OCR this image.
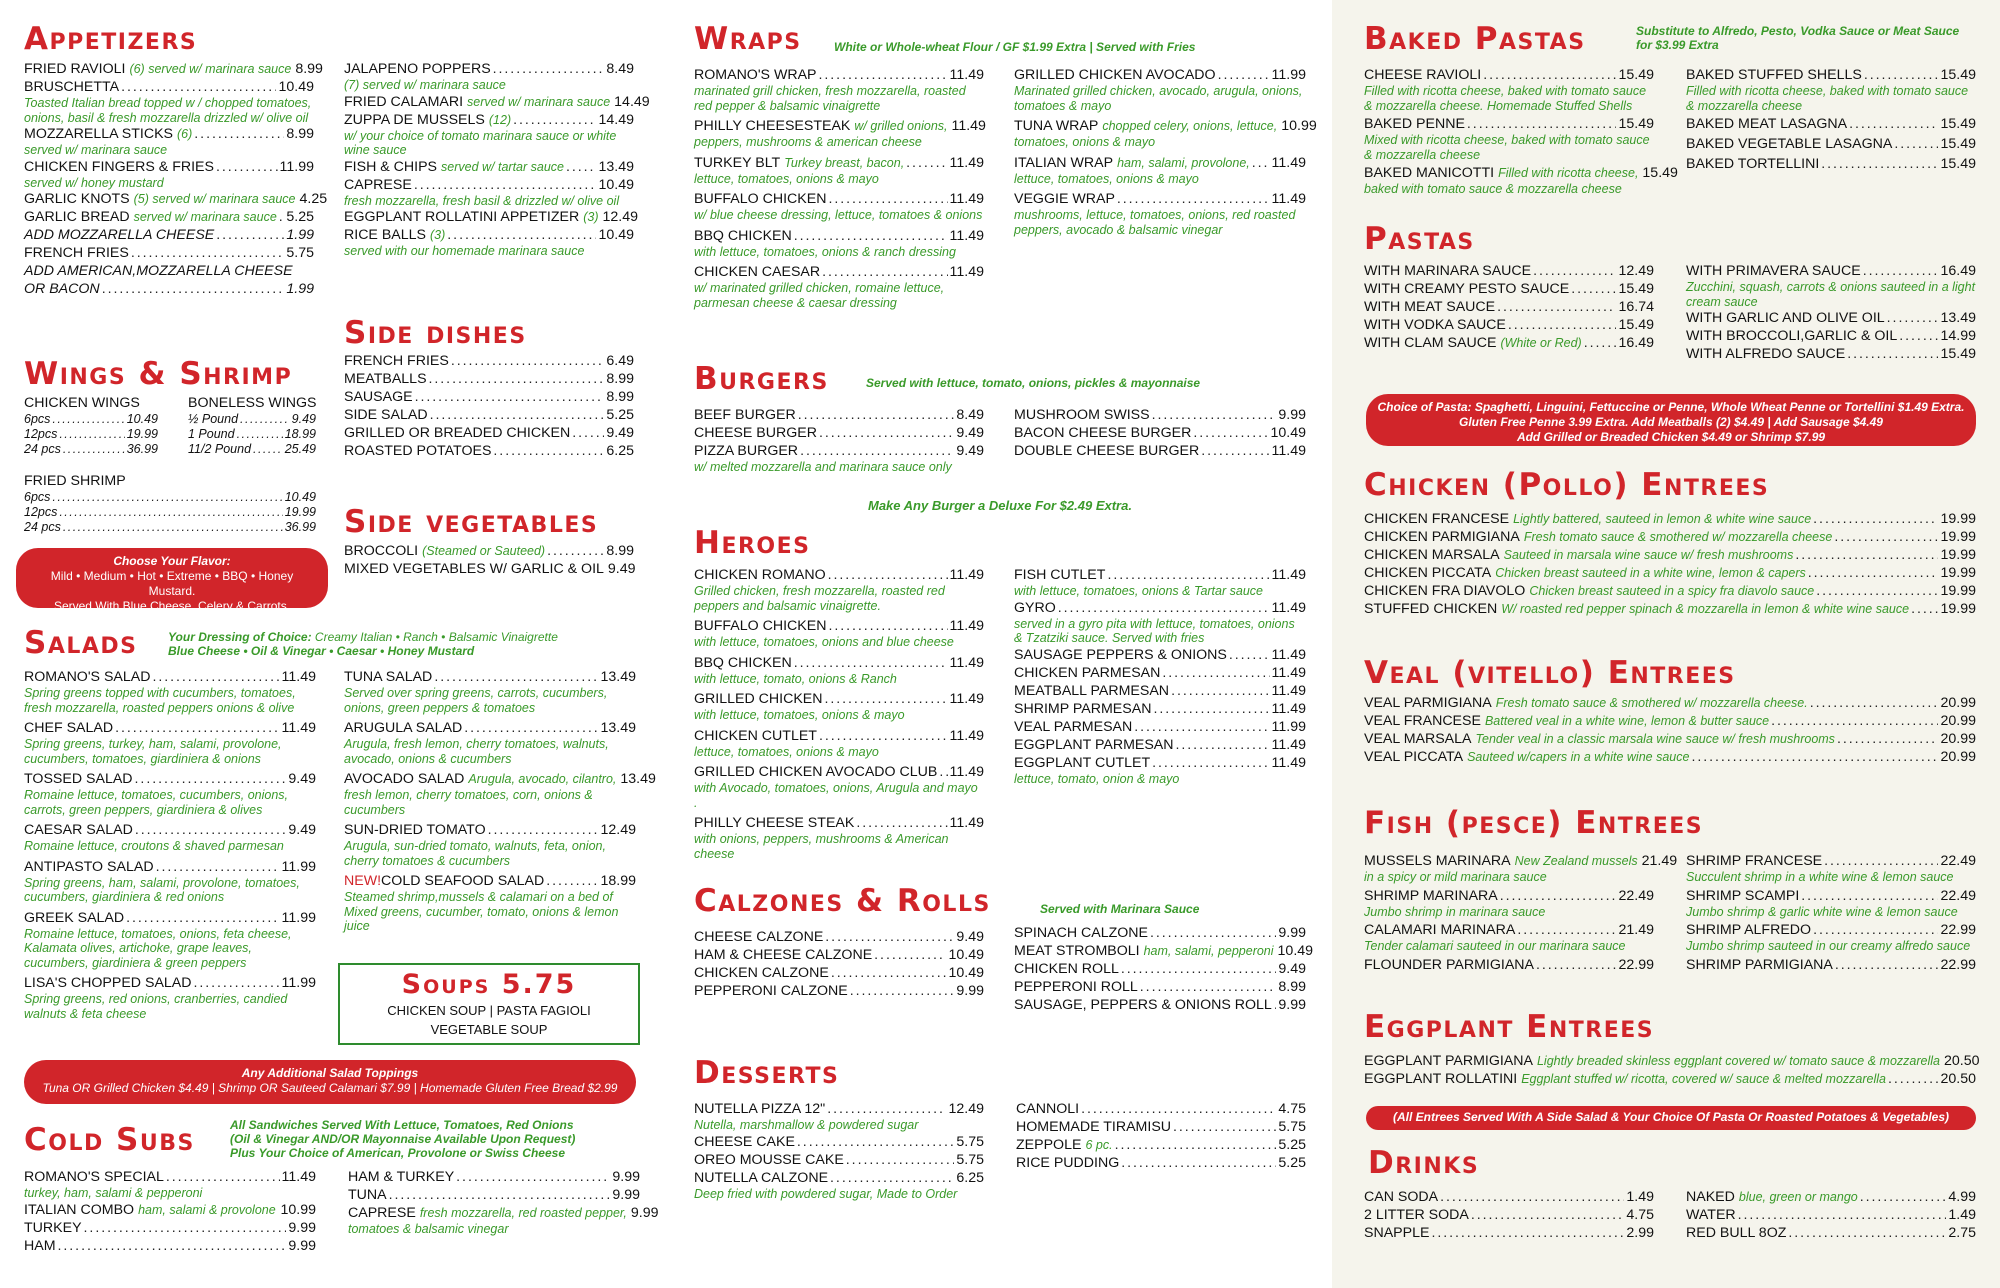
Appetizers
FRIED RAVIOLI (6) served w/ marinara sauce 8.99
BRUSCHETTA . . .	10.49
Toasted Italian bread topped w / chopped tomatoes, onions, basil & fresh mozzarella drizzled w/ olive oil
MOZZARELLA STICKS (6) . . .	8.99
served w/ marinara sauce
CHICKEN FINGERS & FRIES . . .	11.99
served w/ honey mustard
GARLIC KNOTS (5) served w/ marinara sauce 4.25
GARLIC BREAD served w/ marinara sauce . . . 5.25
ADD MOZZARELLA CHEESE . . .	1.99
FRENCH FRIES . . .	5.75
ADD AMERICAN,MOZZARELLA CHEESE
OR BACON . . .	1.99
JALAPENO POPPERS . . .	8.49
(7) served w/ marinara sauce
FRIED CALAMARI served w/ marinara sauce 14.49
ZUPPA DE MUSSELS (12) . . .	14.49
w/ your choice of tomato marinara sauce or white wine sauce
FISH & CHIPS served w/ tartar sauce . . . 13.49
CAPRESE . . .	10.49
fresh mozzarella, fresh basil & drizzled w/ olive oil
EGGPLANT ROLLATINI APPETIZER (3) 12.49
RICE BALLS (3) . . .	10.49
served with our homemade marinara sauce
Side dishes
FRENCH FRIES . . .	6.49
MEATBALLS . . .	8.99
SAUSAGE . . .	8.99
SIDE SALAD . . .	5.25
GRILLED OR BREADED CHICKEN . . .	9.49
ROASTED POTATOES . . .	6.25
Side vegetables
BROCCOLI (Steamed or Sauteed) . . .	8.99
MIXED VEGETABLES W/ GARLIC & OIL 9.49
Wings & Shrimp
CHICKEN WINGS
6pcs . . .	10.49
12pcs . . .	19.99
24 pcs . . .	36.99
BONELESS WINGS
½ Pound . . .	9.49
1 Pound . . .	18.99
11/2 Pound . . .	25.49
FRIED SHRIMP
6pcs . . .	10.49
12pcs . . .	19.99
24 pcs . . .	36.99
Choose Your Flavor:
Mild • Medium • Hot • Extreme • BBQ • Honey Mustard.
Served With Blue Cheese, Celery & Carrots.
Salads	Your Dressing of Choice: Creamy Italian • Ranch • Balsamic Vinaigrette
Blue Cheese • Oil & Vinegar • Caesar • Honey Mustard
ROMANO'S SALAD . . .	11.49
Spring greens topped with cucumbers, tomatoes, fresh mozzarella, roasted peppers onions & olive
CHEF SALAD . . .	11.49
Spring greens, turkey, ham, salami, provolone, cucumbers, tomatoes, giardiniera & onions
TOSSED SALAD . . .	9.49
Romaine lettuce, tomatoes, cucumbers, onions, carrots, green peppers, giardiniera & olives
CAESAR SALAD . . .	9.49
Romaine lettuce, croutons & shaved parmesan
ANTIPASTO SALAD . . .	11.99
Spring greens, ham, salami, provolone, tomatoes, cucumbers, giardiniera & red onions
GREEK SALAD . . .	11.99
Romaine lettuce, tomatoes, onions, feta cheese, Kalamata olives, artichoke, grape leaves, cucumbers, giardiniera & green peppers
LISA'S CHOPPED SALAD . . .	11.99
Spring greens, red onions, cranberries, candied walnuts & feta cheese
TUNA SALAD . . .	13.49
Served over spring greens, carrots, cucumbers, onions, green peppers & tomatoes
ARUGULA SALAD . . .	13.49
Arugula, fresh lemon, cherry tomatoes, walnuts, avocado, onions & cucumbers
AVOCADO SALAD Arugula, avocado, cilantro, 13.49
fresh lemon, cherry tomatoes, corn, onions & cucumbers
SUN-DRIED TOMATO . . .	12.49
Arugula, sun-dried tomato, walnuts, feta, onion, cherry tomatoes & cucumbers
NEW! COLD SEAFOOD SALAD . . .	18.99
Steamed shrimp,mussels & calamari on a bed of Mixed greens, cucumber, tomato, onions & lemon juice
Soups 5.75
CHICKEN SOUP | PASTA FAGIOLI
VEGETABLE SOUP
Any Additional Salad Toppings
Tuna OR Grilled Chicken $4.49 | Shrimp OR Sauteed Calamari $7.99 | Homemade Gluten Free Bread $2.99
Cold Subs	All Sandwiches Served With Lettuce, Tomatoes, Red Onions
(Oil & Vinegar AND/OR Mayonnaise Available Upon Request)
Plus Your Choice of American, Provolone or Swiss Cheese
ROMANO'S SPECIAL . . .	11.49
turkey, ham, salami & pepperoni
ITALIAN COMBO ham, salami & provolone . . . 10.99
TURKEY . . .	9.99
HAM . . .	9.99
HAM & TURKEY . . .	9.99
TUNA . . .	9.99
CAPRESE fresh mozzarella, red roasted pepper, 9.99
tomatoes & balsamic vinegar
Wraps	White or Whole-wheat Flour / GF $1.99 Extra | Served with Fries
ROMANO'S WRAP . . .	11.49
marinated grill chicken, fresh mozzarella, roasted red pepper & balsamic vinaigrette
PHILLY CHEESESTEAK w/ grilled onions, 11.49
peppers, mushrooms & american cheese
TURKEY BLT Turkey breast, bacon, . . .	11.49
lettuce, tomatoes, onions & mayo
BUFFALO CHICKEN . . .	11.49
w/ blue cheese dressing, lettuce, tomatoes & onions
BBQ CHICKEN . . .	11.49
with lettuce, tomatoes, onions & ranch dressing
CHICKEN CAESAR . . .	11.49
w/ marinated grilled chicken, romaine lettuce, parmesan cheese & caesar dressing
GRILLED CHICKEN AVOCADO . . .	11.99
Marinated grilled chicken, avocado, arugula, onions, tomatoes & mayo
TUNA WRAP chopped celery, onions, lettuce, 10.99
tomatoes, onions & mayo
ITALIAN WRAP ham, salami, provolone, . . . 11.49
lettuce, tomatoes, onions & mayo
VEGGIE WRAP . . .	11.49
mushrooms, lettuce, tomatoes, onions, red roasted peppers, avocado & balsamic vinegar
Burgers	Served with lettuce, tomato, onions, pickles & mayonnaise
BEEF BURGER . . .	8.49
CHEESE BURGER . . .	9.49
PIZZA BURGER . . .	9.49
w/ melted mozzarella and marinara sauce only
MUSHROOM SWISS . . .	9.99
BACON CHEESE BURGER . . .	10.49
DOUBLE CHEESE BURGER . . .	11.49
Make Any Burger a Deluxe For $2.49 Extra.
Heroes
CHICKEN ROMANO . . .	11.49
Grilled chicken, fresh mozzarella, roasted red peppers and balsamic vinaigrette.
BUFFALO CHICKEN . . .	11.49
with lettuce, tomatoes, onions and blue cheese
BBQ CHICKEN . . .	11.49
with lettuce, tomato, onions & Ranch
GRILLED CHICKEN . . .	11.49
with lettuce, tomatoes, onions & mayo
CHICKEN CUTLET . . .	11.49
lettuce, tomatoes, onions & mayo
GRILLED CHICKEN AVOCADO CLUB . . . 11.49
with Avocado, tomatoes, onions, Arugula and mayo .
PHILLY CHEESE STEAK . . .	11.49
with onions, peppers, mushrooms & American cheese
FISH CUTLET . . .	11.49
with lettuce, tomatoes, onions & Tartar sauce
GYRO . . .	11.49
served in a gyro pita with lettuce, tomatoes, onions & Tzatziki sauce. Served with fries
SAUSAGE PEPPERS & ONIONS . . .	11.49
CHICKEN PARMESAN . . .	11.49
MEATBALL PARMESAN . . .	11.49
SHRIMP PARMESAN . . .	11.49
VEAL PARMESAN . . .	11.99
EGGPLANT PARMESAN . . .	11.49
EGGPLANT CUTLET . . .	11.49
lettuce, tomato, onion & mayo
Calzones & Rolls	Served with Marinara Sauce
CHEESE CALZONE . . .	9.49
HAM & CHEESE CALZONE . . .	10.49
CHICKEN CALZONE . . .	10.49
PEPPERONI CALZONE . . .	9.99
SPINACH CALZONE . . .	9.99
MEAT STROMBOLI ham, salami, pepperoni 10.49
CHICKEN ROLL . . .	9.49
PEPPERONI ROLL . . .	8.99
SAUSAGE, PEPPERS & ONIONS ROLL . . . 9.99
Desserts
NUTELLA PIZZA 12" . . .	12.49
Nutella, marshmallow & powdered sugar
CHEESE CAKE . . .	5.75
OREO MOUSSE CAKE . . .	5.75
NUTELLA CALZONE . . .	6.25
Deep fried with powdered sugar, Made to Order
CANNOLI . . .	4.75
HOMEMADE TIRAMISU . . .	5.75
ZEPPOLE 6 pc. . . .	5.25
RICE PUDDING . . .	5.25
Baked Pastas	Substitute to Alfredo, Pesto, Vodka Sauce or Meat Sauce
for $3.99 Extra
CHEESE RAVIOLI . . .	15.49
Filled with ricotta cheese, baked with tomato sauce & mozzarella cheese. Homemade Stuffed Shells
BAKED PENNE . . .	15.49
Mixed with ricotta cheese, baked with tomato sauce & mozzarella cheese
BAKED MANICOTTI Filled with ricotta cheese, 15.49
baked with tomato sauce & mozzarella cheese
BAKED STUFFED SHELLS . . .	15.49
Filled with ricotta cheese, baked with tomato sauce & mozzarella cheese
BAKED MEAT LASAGNA . . .	15.49
BAKED VEGETABLE LASAGNA . . .	15.49
BAKED TORTELLINI . . .	15.49
Pastas
WITH MARINARA SAUCE . . .	12.49
WITH CREAMY PESTO SAUCE . . .	15.49
WITH MEAT SAUCE . . .	16.74
WITH VODKA SAUCE . . .	15.49
WITH CLAM SAUCE (White or Red) . . .	16.49
WITH PRIMAVERA SAUCE . . .	16.49
Zucchini, squash, carrots & onions sauteed in a light cream sauce
WITH GARLIC AND OLIVE OIL . . .	13.49
WITH BROCCOLI,GARLIC & OIL . . .	14.99
WITH ALFREDO SAUCE . . .	15.49
Choice of Pasta: Spaghetti, Linguini, Fettuccine or Penne, Whole Wheat Penne or Tortellini $1.49 Extra.
Gluten Free Penne 3.99 Extra. Add Meatballs (2) $4.49 | Add Sausage $4.49
Add Grilled or Breaded Chicken $4.49 or Shrimp $7.99
Chicken (Pollo) Entrees
CHICKEN FRANCESE Lightly battered, sauteed in lemon & white wine sauce . . .	19.99
CHICKEN PARMIGIANA Fresh tomato sauce & smothered w/ mozzarella cheese . . .	19.99
CHICKEN MARSALA Sauteed in marsala wine sauce w/ fresh mushrooms . . .	19.99
CHICKEN PICCATA Chicken breast sauteed in a white wine, lemon & capers . . .	19.99
CHICKEN FRA DIAVOLO Chicken breast sauteed in a spicy fra diavolo sauce . . .	19.99
STUFFED CHICKEN W/ roasted red pepper spinach & mozzarella in lemon & white wine sauce . . . 19.99
Veal (vitello) Entrees
VEAL PARMIGIANA Fresh tomato sauce & smothered w/ mozzarella cheese. . . .	20.99
VEAL FRANCESE Battered veal in a white wine, lemon & butter sauce . . .	20.99
VEAL MARSALA Tender veal in a classic marsala wine sauce w/ fresh mushrooms . . .	20.99
VEAL PICCATA Sauteed w/capers in a white wine sauce . . .	20.99
Fish (pesce) Entrees
MUSSELS MARINARA New Zealand mussels 21.49
in a spicy or mild marinara sauce
SHRIMP MARINARA . . .	22.49
Jumbo shrimp in marinara sauce
CALAMARI MARINARA . . .	21.49
Tender calamari sauteed in our marinara sauce
FLOUNDER PARMIGIANA . . .	22.99
SHRIMP FRANCESE . . .	22.49
Succulent shrimp in a white wine & lemon sauce
SHRIMP SCAMPI . . .	22.49
Jumbo shrimp & garlic white wine & lemon sauce
SHRIMP ALFREDO . . .	22.99
Jumbo shrimp sauteed in our creamy alfredo sauce
SHRIMP PARMIGIANA . . .	22.99
Eggplant Entrees
EGGPLANT PARMIGIANA Lightly breaded skinless eggplant covered w/ tomato sauce & mozzarella 20.50
EGGPLANT ROLLATINI Eggplant stuffed w/ ricotta, covered w/ sauce & melted mozzarella . . .	20.50
(All Entrees Served With A Side Salad & Your Choice Of Pasta Or Roasted Potatoes & Vegetables)
Drinks
CAN SODA . . .	1.49
2 LITTER SODA . . .	4.75
SNAPPLE . . .	2.99
NAKED blue, green or mango . . .	4.99
WATER . . .	1.49
RED BULL 8OZ . . .	2.75
